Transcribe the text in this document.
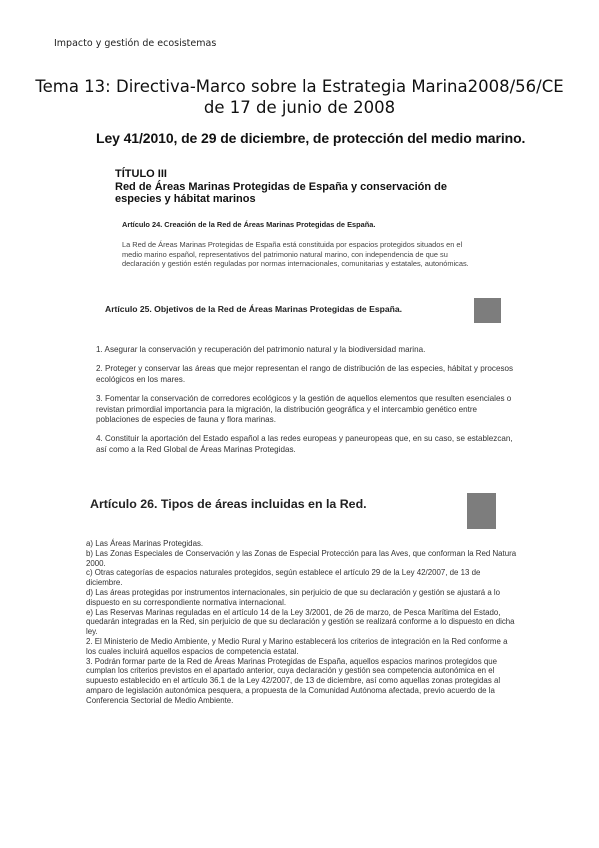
Impacto y gestión de ecosistemas
Tema 13: Directiva-Marco sobre la Estrategia Marina2008/56/CE
de 17 de junio de 2008
Ley 41/2010, de 29 de diciembre, de protección del medio marino.
TÍTULO III
Red de Áreas Marinas Protegidas de España y conservación de especies y hábitat marinos
Artículo 24. Creación de la Red de Áreas Marinas Protegidas de España.
La Red de Áreas Marinas Protegidas de España está constituida por espacios protegidos situados en el medio marino español, representativos del patrimonio natural marino, con independencia de que su declaración y gestión estén reguladas por normas internacionales, comunitarias y estatales, autonómicas.
Artículo 25. Objetivos de la Red de Áreas Marinas Protegidas de España.

1. Asegurar la conservación y recuperación del patrimonio natural y la biodiversidad marina.

2. Proteger y conservar las áreas que mejor representan el rango de distribución de las especies, hábitat y procesos ecológicos en los mares.

3. Fomentar la conservación de corredores ecológicos y la gestión de aquellos elementos que resulten esenciales o revistan primordial importancia para la migración, la distribución geográfica y el intercambio genético entre poblaciones de especies de fauna y flora marinas.

4. Constituir la aportación del Estado español a las redes europeas y paneuropeas que, en su caso, se establezcan, así como a la Red Global de Áreas Marinas Protegidas.

Artículo 26. Tipos de áreas incluidas en la Red.

a) Las Áreas Marinas Protegidas.

b) Las Zonas Especiales de Conservación y las Zonas de Especial Protección para las Aves, que conforman la Red Natura 2000.

c) Otras categorías de espacios naturales protegidos, según establece el artículo 29 de la Ley 42/2007, de 13 de diciembre.

d) Las áreas protegidas por instrumentos internacionales, sin perjuicio de que su declaración y gestión se ajustará a lo dispuesto en su correspondiente normativa internacional.

e) Las Reservas Marinas reguladas en el artículo 14 de la Ley 3/2001, de 26 de marzo, de Pesca Marítima del Estado, quedarán integradas en la Red, sin perjuicio de que su declaración y gestión se realizará conforme a lo dispuesto en dicha ley.

2. El Ministerio de Medio Ambiente, y Medio Rural y Marino establecerá los criterios de integración en la Red conforme a los cuales incluirá aquellos espacios de competencia estatal.

3. Podrán formar parte de la Red de Áreas Marinas Protegidas de España, aquellos espacios marinos protegidos que cumplan los criterios previstos en el apartado anterior, cuya declaración y gestión sea competencia autonómica en el supuesto establecido en el artículo 36.1 de la Ley 42/2007, de 13 de diciembre, así como aquellas zonas protegidas al amparo de legislación autonómica pesquera, a propuesta de la Comunidad Autónoma afectada, previo acuerdo de la Conferencia Sectorial de Medio Ambiente.
